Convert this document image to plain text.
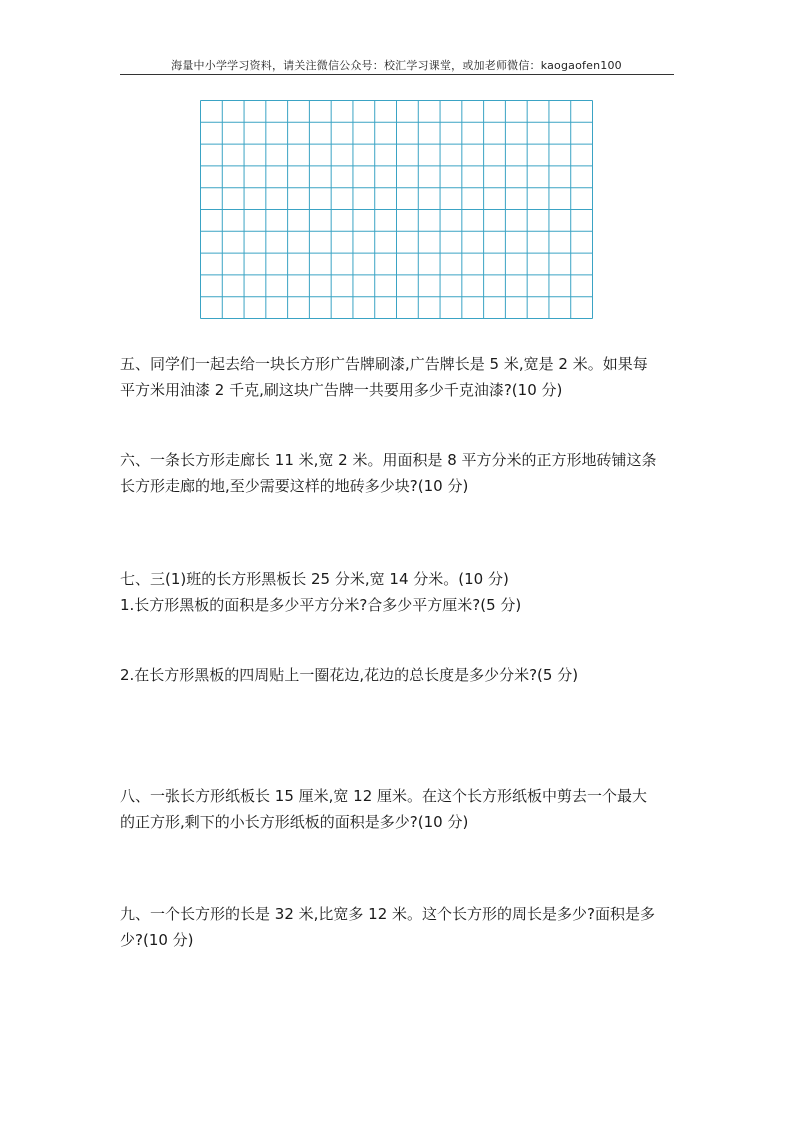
海量中小学学习资料，请关注微信公众号：校汇学习课堂，或加老师微信：kaogaofen100

五、同学们一起去给一块长方形广告牌刷漆,广告牌长是 5 米,宽是 2 米。如果每

平方米用油漆 2 千克,刷这块广告牌一共要用多少千克油漆?(10 分)

六、一条长方形走廊长 11 米,宽 2 米。用面积是 8 平方分米的正方形地砖铺这条

长方形走廊的地,至少需要这样的地砖多少块?(10 分)

七、三(1)班的长方形黑板长 25 分米,宽 14 分米。(10 分)

1.长方形黑板的面积是多少平方分米?合多少平方厘米?(5 分)

2.在长方形黑板的四周贴上一圈花边,花边的总长度是多少分米?(5 分)

八、一张长方形纸板长 15 厘米,宽 12 厘米。在这个长方形纸板中剪去一个最大

的正方形,剩下的小长方形纸板的面积是多少?(10 分)

九、一个长方形的长是 32 米,比宽多 12 米。这个长方形的周长是多少?面积是多

少?(10 分)
